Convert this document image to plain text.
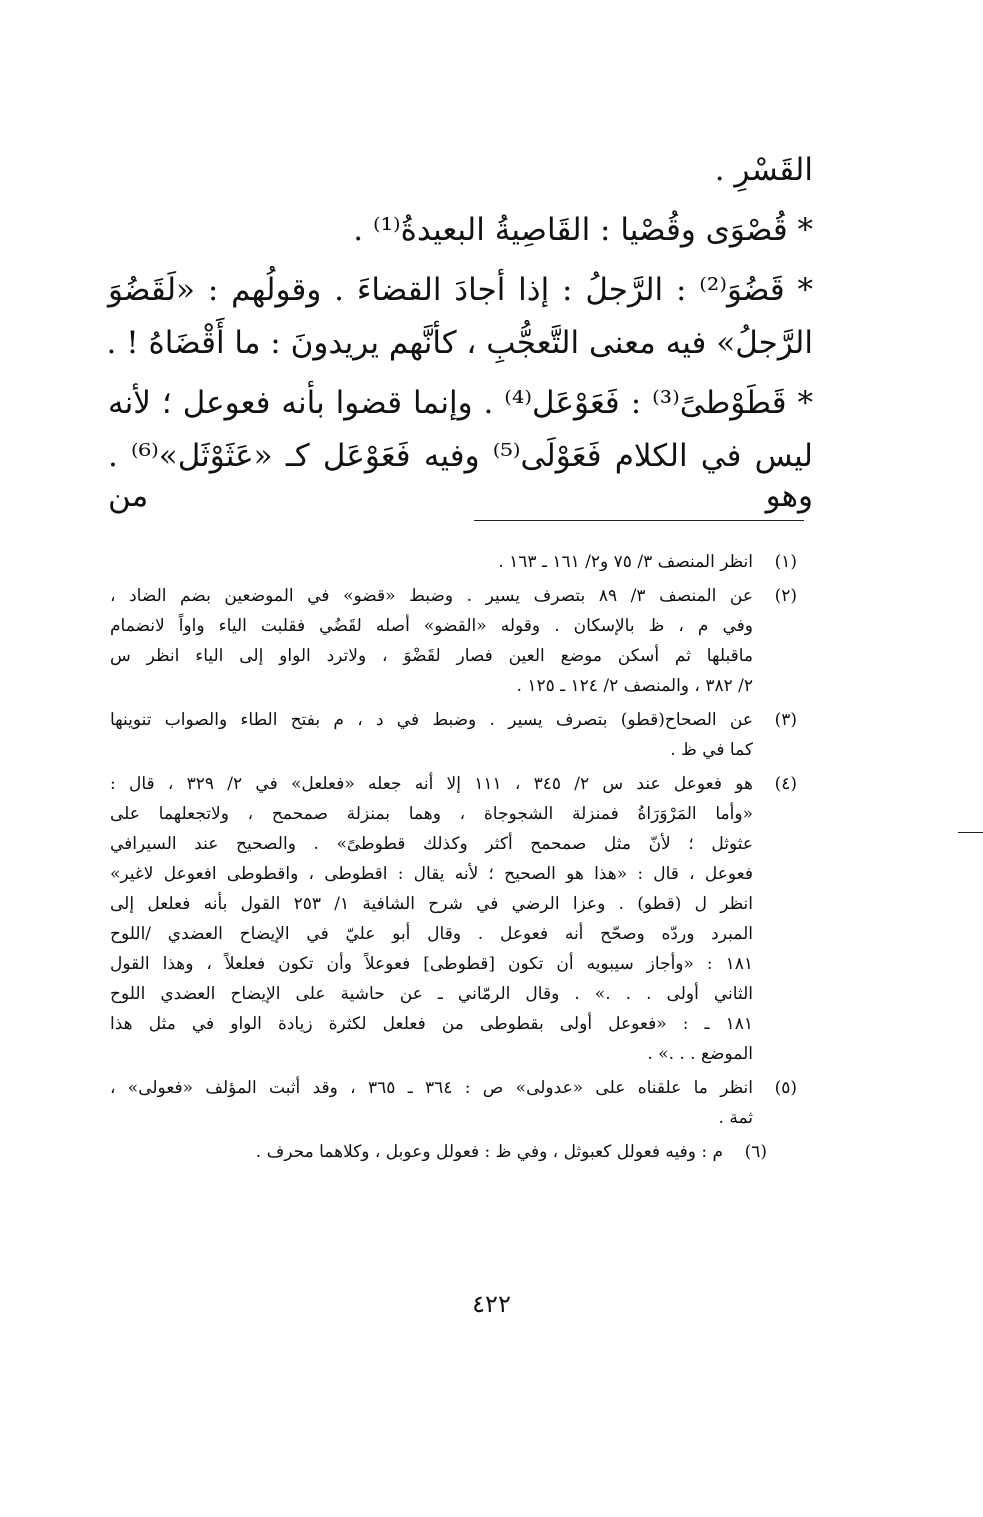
القَسْرِ .
* قُصْوَى وقُصْيا : القَاصِيةُ البعيدةُ⁽¹⁾ .
* قَضُوَ⁽²⁾ : الرَّجلُ : إذا أجادَ القضاءَ . وقولُهم : «لَقَضُوَ
الرَّجلُ» فيه معنى التَّعجُّبِ ، كأنَّهم يريدونَ : ما أَقْضَاهُ ! .
* قَطَوْطىً⁽³⁾ : فَعَوْعَل⁽⁴⁾ . وإنما قضوا بأنه فعوعل ؛ لأنه
ليس في الكلام فَعَوْلَى⁽⁵⁾ وفيه فَعَوْعَل كـ «عَثَوْثَل»⁽⁶⁾ . وهو من
(١)
انظر المنصف ٣/ ٧٥ و٢/ ١٦١ ـ ١٦٣ .
(٢)
عن المنصف ٣/ ٨٩ بتصرف يسير . وضبط «قضو» في الموضعين بضم الضاد ،
وفي م ، ظ بالإسكان . وقوله «القضو» أصله لقَضُي فقلبت الياء واواً لانضمام
ماقبلها ثم أسكن موضع العين فصار لقَضْوَ ، ولاترد الواو إلى الياء انظر س
٢/ ٣٨٢ ، والمنصف ٢/ ١٢٤ ـ ١٢٥ .
(٣)
عن الصحاح(قطو) بتصرف يسير . وضبط في د ، م بفتح الطاء والصواب تنوينها
كما في ظ .
(٤)
هو فعوعل عند س ٢/ ٣٤٥ ، ١١١ إلا أنه جعله «فعلعل» في ٢/ ٣٢٩ ، قال :
«وأما المَرْوَرَاةُ فمنزلة الشجوجاة ، وهما بمنزلة صمحمح ، ولاتجعلهما على
عثوثل ؛ لأنّ مثل صمحمح أكثر وكذلك قطوطىً» . والصحيح عند السيرافي
فعوعل ، قال : «هذا هو الصحيح ؛ لأنه يقال : اقطوطى ، واقطوطى افعوعل لاغير»
انظر ل (قطو) . وعزا الرضي في شرح الشافية ١/ ٢٥٣ القول بأنه فعلعل إلى
المبرد وردّه وصحّح أنه فعوعل . وقال أبو عليّ في الإيضاح العضدي /اللوح
١٨١ : «وأجاز سيبويه أن تكون [قطوطى] فعوعلاً وأن تكون فعلعلاً ، وهذا القول
الثاني أولى . . .» . وقال الرمّاني ـ عن حاشية على الإيضاح العضدي اللوح
١٨١ ـ : «فعوعل أولى بقطوطى من فعلعل لكثرة زيادة الواو في مثل هذا
الموضع . . .» .
(٥)
انظر ما علقناه على «عدولى» ص : ٣٦٤ ـ ٣٦٥ ، وقد أثبت المؤلف «فعولى» ،
ثمة .
(٦)
م : وفيه فعولل كعبوثل ، وفي ظ : فعولل وعوبل ، وكلاهما محرف .
٤٢٢
